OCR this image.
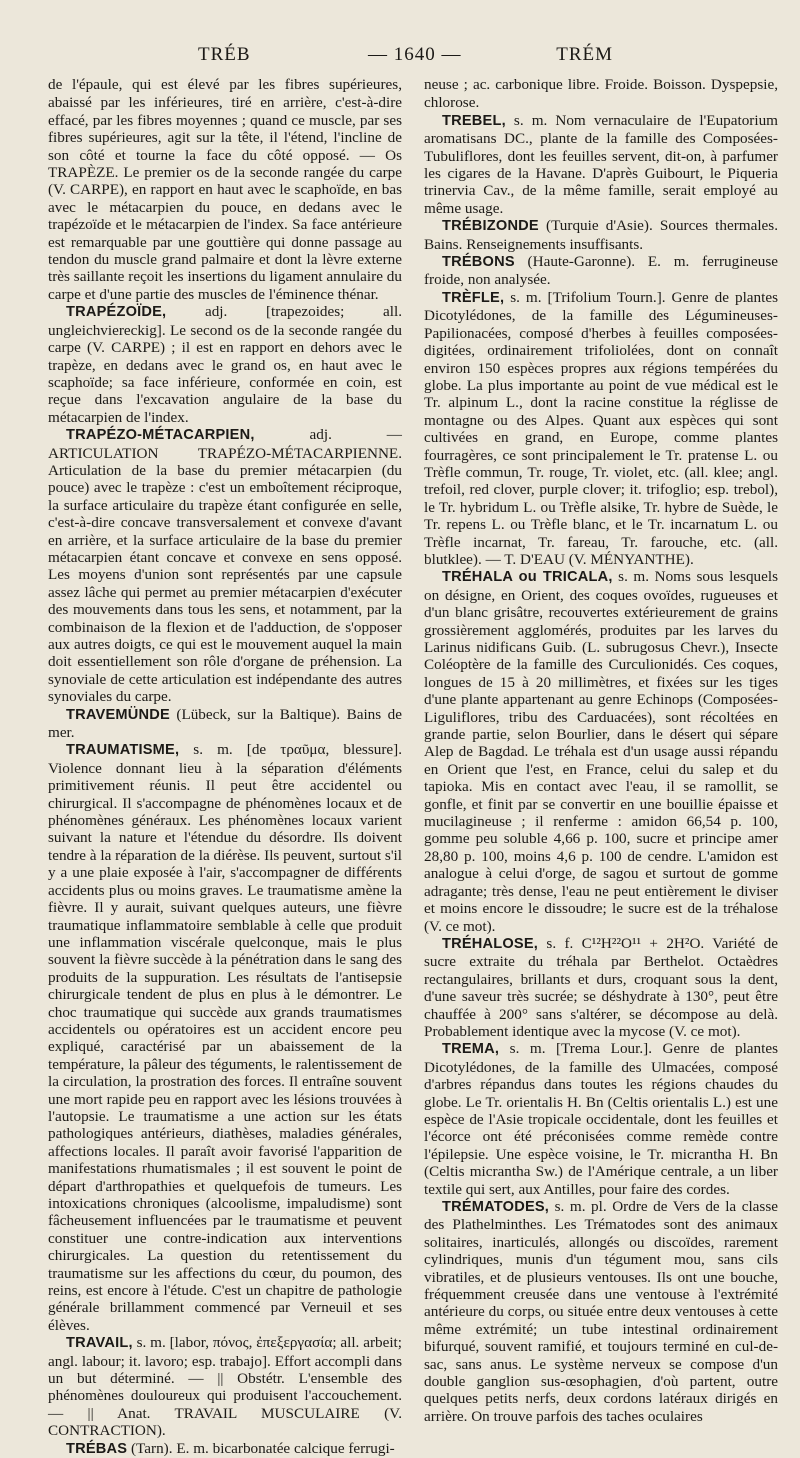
TRÉB	— 1640 —	TRÉM

de l'épaule, qui est élevé par les fibres supérieures, abaissé par les inférieures, tiré en arrière, c'est-à-dire effacé, par les fibres moyennes ; quand ce muscle, par ses fibres supérieures, agit sur la tête, il l'étend, l'incline de son côté et tourne la face du côté opposé. — Os TRAPÈZE. Le premier os de la seconde rangée du carpe (V. CARPE), en rapport en haut avec le scaphoïde, en bas avec le métacarpien du pouce, en dedans avec le trapézoïde et le métacarpien de l'index. Sa face antérieure est remarquable par une gouttière qui donne passage au tendon du muscle grand palmaire et dont la lèvre externe très saillante reçoit les insertions du ligament annulaire du carpe et d'une partie des muscles de l'éminence thénar.

TRAPÉZOÏDE, adj. [trapezoides; all. ungleichviereckig]. Le second os de la seconde rangée du carpe (V. CARPE) ; il est en rapport en dehors avec le trapèze, en dedans avec le grand os, en haut avec le scaphoïde; sa face inférieure, conformée en coin, est reçue dans l'excavation angulaire de la base du métacarpien de l'index.

TRAPÉZO-MÉTACARPIEN, adj. — ARTICULATION TRAPÉZO-MÉTACARPIENNE. Articulation de la base du premier métacarpien (du pouce) avec le trapèze : c'est un emboîtement réciproque, la surface articulaire du trapèze étant configurée en selle, c'est-à-dire concave transversalement et convexe d'avant en arrière, et la surface articulaire de la base du premier métacarpien étant concave et convexe en sens opposé. Les moyens d'union sont représentés par une capsule assez lâche qui permet au premier métacarpien d'exécuter des mouvements dans tous les sens, et notamment, par la combinaison de la flexion et de l'adduction, de s'opposer aux autres doigts, ce qui est le mouvement auquel la main doit essentiellement son rôle d'organe de préhension. La synoviale de cette articulation est indépendante des autres synoviales du carpe.

TRAVEMÜNDE (Lübeck, sur la Baltique). Bains de mer.

TRAUMATISME, s. m. [de τραῦμα, blessure]. Violence donnant lieu à la séparation d'éléments primitivement réunis. Il peut être accidentel ou chirurgical. Il s'accompagne de phénomènes locaux et de phénomènes généraux. Les phénomènes locaux varient suivant la nature et l'étendue du désordre. Ils doivent tendre à la réparation de la diérèse. Ils peuvent, surtout s'il y a une plaie exposée à l'air, s'accompagner de différents accidents plus ou moins graves. Le traumatisme amène la fièvre. Il y aurait, suivant quelques auteurs, une fièvre traumatique inflammatoire semblable à celle que produit une inflammation viscérale quelconque, mais le plus souvent la fièvre succède à la pénétration dans le sang des produits de la suppuration. Les résultats de l'antisepsie chirurgicale tendent de plus en plus à le démontrer. Le choc traumatique qui succède aux grands traumatismes accidentels ou opératoires est un accident encore peu expliqué, caractérisé par un abaissement de la température, la pâleur des téguments, le ralentissement de la circulation, la prostration des forces. Il entraîne souvent une mort rapide peu en rapport avec les lésions trouvées à l'autopsie. Le traumatisme a une action sur les états pathologiques antérieurs, diathèses, maladies générales, affections locales. Il paraît avoir favorisé l'apparition de manifestations rhumatismales ; il est souvent le point de départ d'arthropathies et quelquefois de tumeurs. Les intoxications chroniques (alcoolisme, impaludisme) sont fâcheusement influencées par le traumatisme et peuvent constituer une contre-indication aux interventions chirurgicales. La question du retentissement du traumatisme sur les affections du cœur, du poumon, des reins, est encore à l'étude. C'est un chapitre de pathologie générale brillamment commencé par Verneuil et ses élèves.

TRAVAIL, s. m. [labor, πόνος, ἐπεξεργασία; all. arbeit; angl. labour; it. lavoro; esp. trabajo]. Effort accompli dans un but déterminé. — || Obstétr. L'ensemble des phénomènes douloureux qui produisent l'accouchement. — || Anat. TRAVAIL MUSCULAIRE (V. CONTRACTION).

TRÉBAS (Tarn). E. m. bicarbonatée calcique ferrugi-

neuse ; ac. carbonique libre. Froide. Boisson. Dyspepsie, chlorose.

TREBEL, s. m. Nom vernaculaire de l'Eupatorium aromatisans DC., plante de la famille des Composées-Tubuliflores, dont les feuilles servent, dit-on, à parfumer les cigares de la Havane. D'après Guibourt, le Piqueria trinervia Cav., de la même famille, serait employé au même usage.

TRÉBIZONDE (Turquie d'Asie). Sources thermales. Bains. Renseignements insuffisants.

TRÉBONS (Haute-Garonne). E. m. ferrugineuse froide, non analysée.

TRÈFLE, s. m. [Trifolium Tourn.]. Genre de plantes Dicotylédones, de la famille des Légumineuses-Papilionacées, composé d'herbes à feuilles composées-digitées, ordinairement trifoliolées, dont on connaît environ 150 espèces propres aux régions tempérées du globe. La plus importante au point de vue médical est le Tr. alpinum L., dont la racine constitue la réglisse de montagne ou des Alpes. Quant aux espèces qui sont cultivées en grand, en Europe, comme plantes fourragères, ce sont principalement le Tr. pratense L. ou Trèfle commun, Tr. rouge, Tr. violet, etc. (all. klee; angl. trefoil, red clover, purple clover; it. trifoglio; esp. trebol), le Tr. hybridum L. ou Trèfle alsike, Tr. hybre de Suède, le Tr. repens L. ou Trèfle blanc, et le Tr. incarnatum L. ou Trèfle incarnat, Tr. fareau, Tr. farouche, etc. (all. blutklee). — T. D'EAU (V. MÉNYANTHE).

TRÉHALA ou TRICALA, s. m. Noms sous lesquels on désigne, en Orient, des coques ovoïdes, rugueuses et d'un blanc grisâtre, recouvertes extérieurement de grains grossièrement agglomérés, produites par les larves du Larinus nidificans Guib. (L. subrugosus Chevr.), Insecte Coléoptère de la famille des Curculionidés. Ces coques, longues de 15 à 20 millimètres, et fixées sur les tiges d'une plante appartenant au genre Echinops (Composées-Liguliflores, tribu des Carduacées), sont récoltées en grande partie, selon Bourlier, dans le désert qui sépare Alep de Bagdad. Le tréhala est d'un usage aussi répandu en Orient que l'est, en France, celui du salep et du tapioka. Mis en contact avec l'eau, il se ramollit, se gonfle, et finit par se convertir en une bouillie épaisse et mucilagineuse ; il renferme : amidon 66,54 p. 100, gomme peu soluble 4,66 p. 100, sucre et principe amer 28,80 p. 100, moins 4,6 p. 100 de cendre. L'amidon est analogue à celui d'orge, de sagou et surtout de gomme adragante; très dense, l'eau ne peut entièrement le diviser et moins encore le dissoudre; le sucre est de la tréhalose (V. ce mot).

TRÉHALOSE, s. f. C¹²H²²O¹¹ + 2H²O. Variété de sucre extraite du tréhala par Berthelot. Octaèdres rectangulaires, brillants et durs, croquant sous la dent, d'une saveur très sucrée; se déshydrate à 130°, peut être chauffée à 200° sans s'altérer, se décompose au delà. Probablement identique avec la mycose (V. ce mot).

TREMA, s. m. [Trema Lour.]. Genre de plantes Dicotylédones, de la famille des Ulmacées, composé d'arbres répandus dans toutes les régions chaudes du globe. Le Tr. orientalis H. Bn (Celtis orientalis L.) est une espèce de l'Asie tropicale occidentale, dont les feuilles et l'écorce ont été préconisées comme remède contre l'épilepsie. Une espèce voisine, le Tr. micrantha H. Bn (Celtis micrantha Sw.) de l'Amérique centrale, a un liber textile qui sert, aux Antilles, pour faire des cordes.

TRÉMATODES, s. m. pl. Ordre de Vers de la classe des Plathelminthes. Les Trématodes sont des animaux solitaires, inarticulés, allongés ou discoïdes, rarement cylindriques, munis d'un tégument mou, sans cils vibratiles, et de plusieurs ventouses. Ils ont une bouche, fréquemment creusée dans une ventouse à l'extrémité antérieure du corps, ou située entre deux ventouses à cette même extrémité; un tube intestinal ordinairement bifurqué, souvent ramifié, et toujours terminé en cul-de-sac, sans anus. Le système nerveux se compose d'un double ganglion sus-œsophagien, d'où partent, outre quelques petits nerfs, deux cordons latéraux dirigés en arrière. On trouve parfois des taches oculaires
